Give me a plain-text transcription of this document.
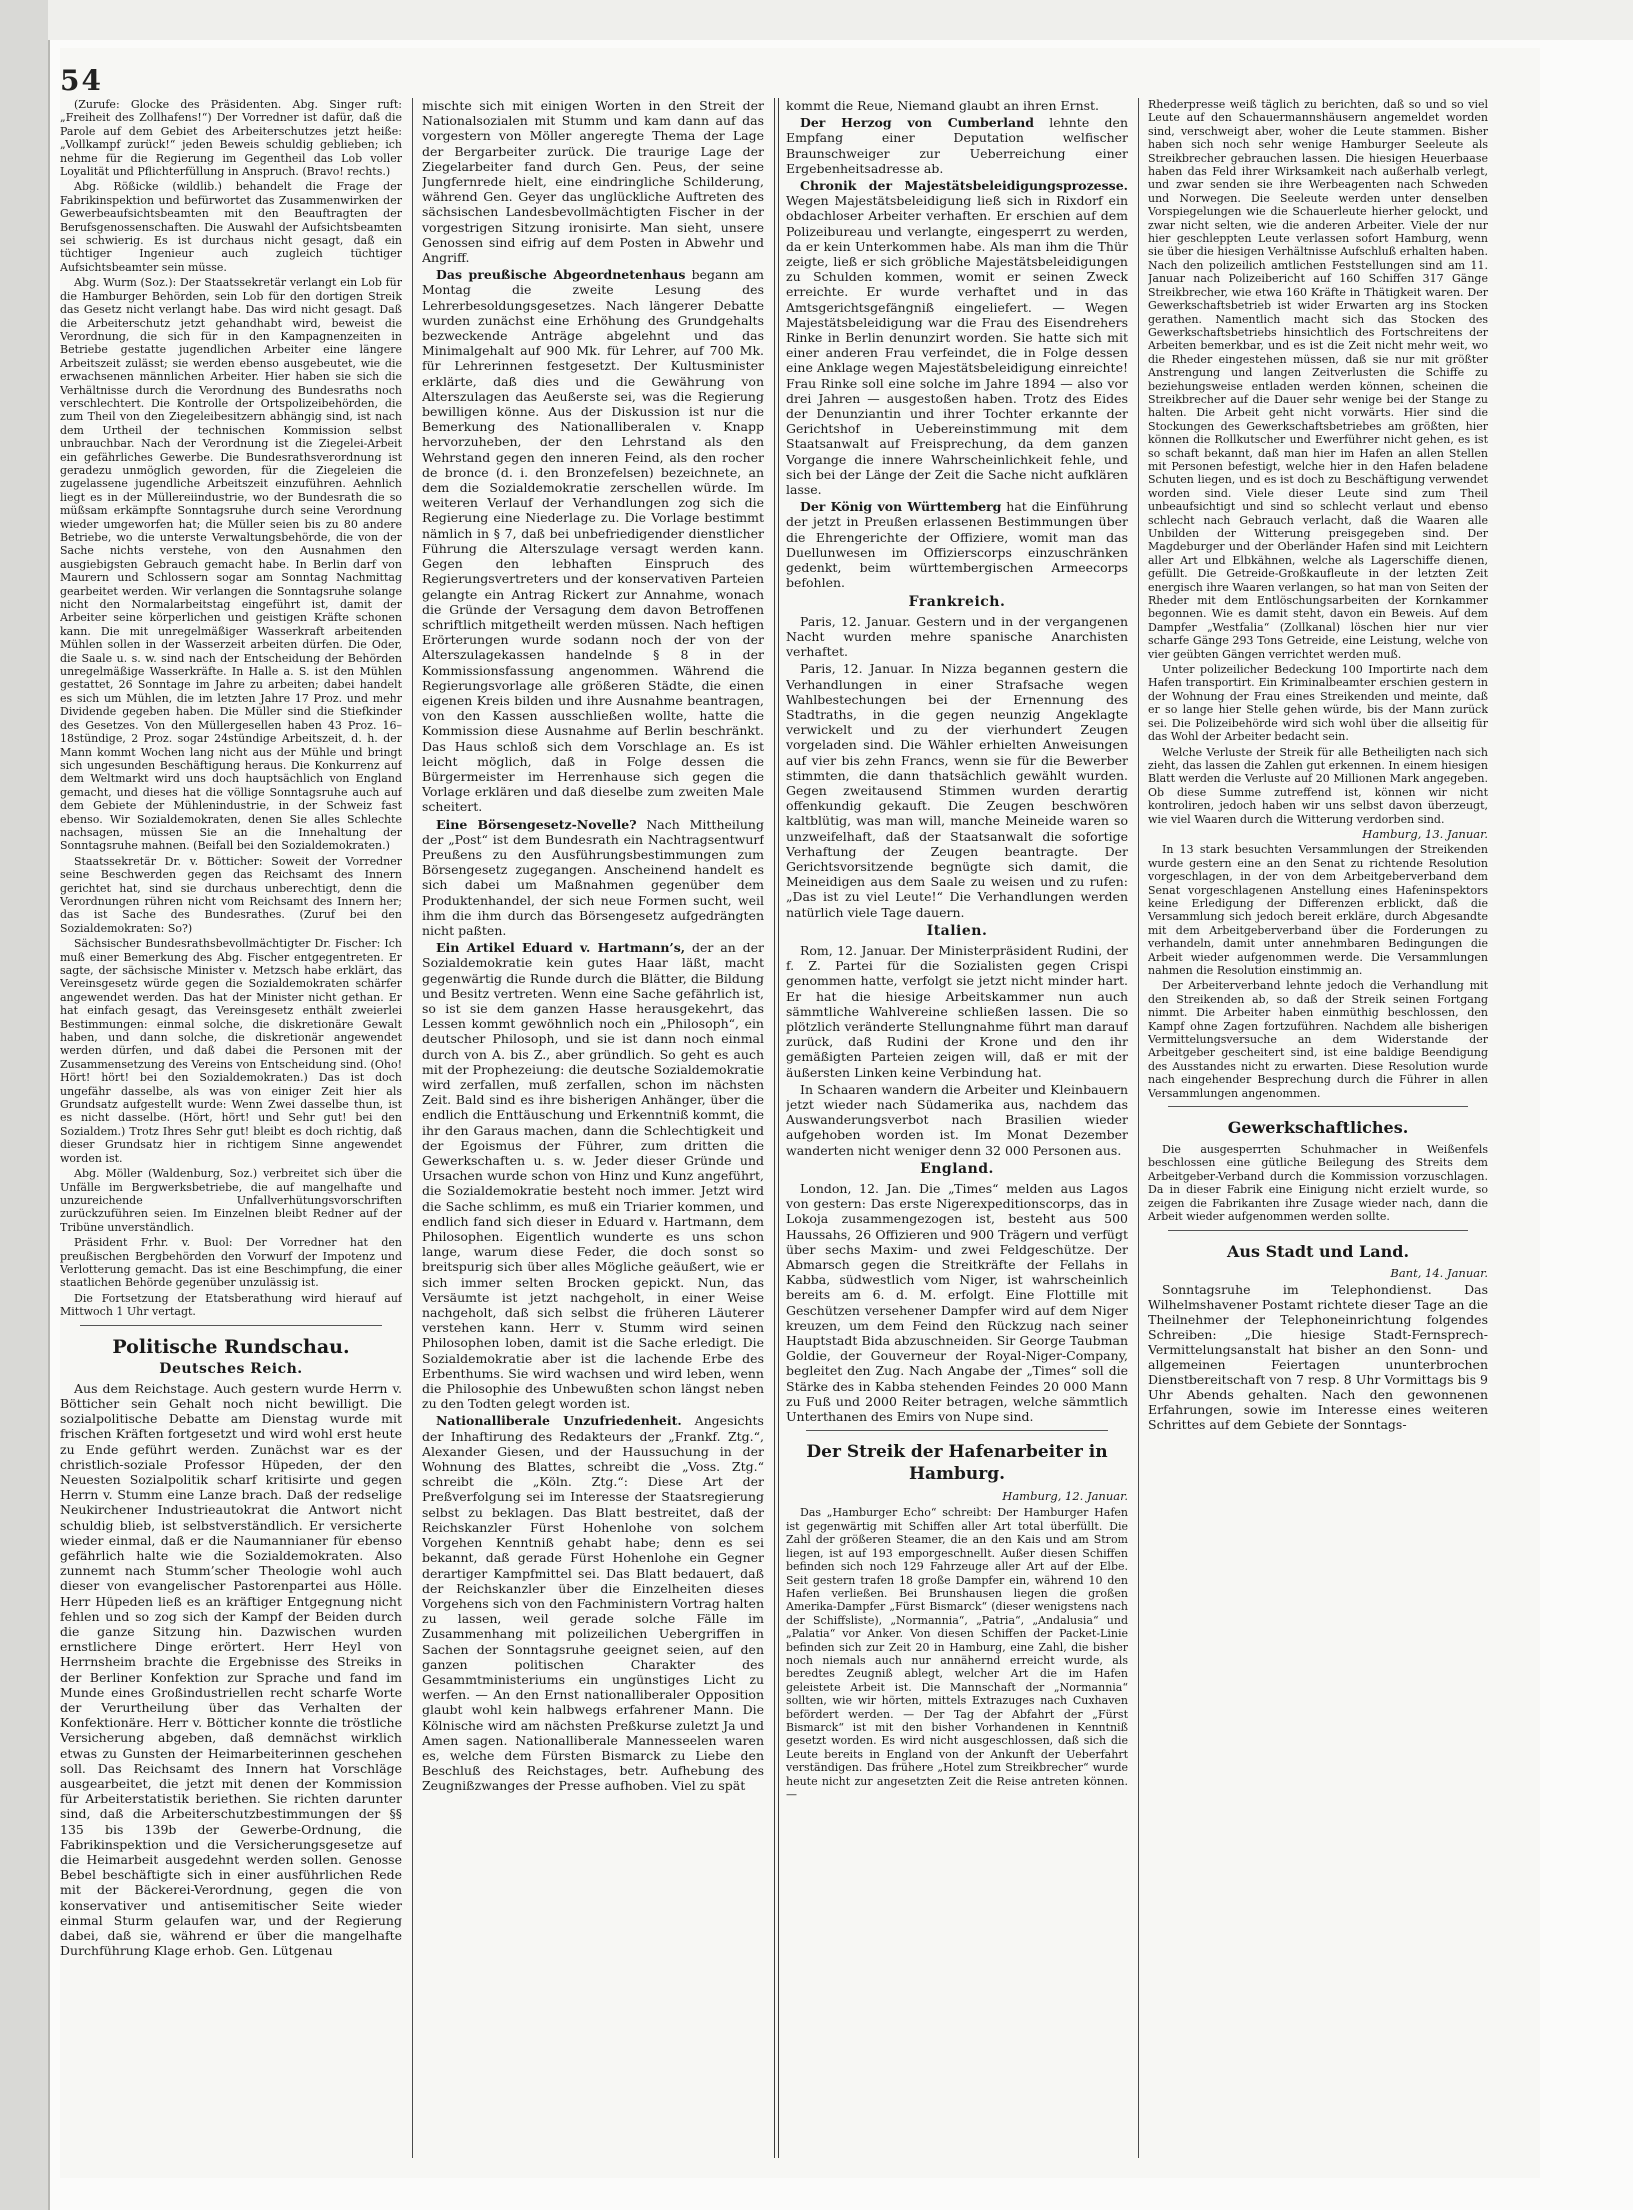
54

(Zurufe: Glocke des Präsidenten. Abg. Singer ruft: „Freiheit des Zollhafens!“) Der Vorredner ist dafür, daß die Parole auf dem Gebiet des Arbeiterschutzes jetzt heiße: „Vollkampf zurück!“ jeden Beweis schuldig geblieben; ich nehme für die Regierung im Gegentheil das Lob voller Loyalität und Pflichterfüllung in Anspruch. (Bravo! rechts.)

Abg. Rößicke (wildlib.) behandelt die Frage der Fabrikinspektion und befürwortet das Zusammenwirken der Gewerbeaufsichtsbeamten mit den Beauftragten der Berufsgenossenschaften. Die Auswahl der Aufsichtsbeamten sei schwierig. Es ist durchaus nicht gesagt, daß ein tüchtiger Ingenieur auch zugleich tüchtiger Aufsichtsbeamter sein müsse.

Abg. Wurm (Soz.): Der Staatssekretär verlangt ein Lob für die Hamburger Behörden, sein Lob für den dortigen Streik das Gesetz nicht verlangt habe. Das wird nicht gesagt. Daß die Arbeiterschutz jetzt gehandhabt wird, beweist die Verordnung, die sich für in den Kampagnenzeiten in Betriebe gestatte jugendlichen Arbeiter eine längere Arbeitszeit zulässt; sie werden ebenso ausgebeutet, wie die erwachsenen männlichen Arbeiter. Hier haben sie sich die Verhältnisse durch die Verordnung des Bundesraths noch verschlechtert. Die Kontrolle der Ortspolizeibehörden, die zum Theil von den Ziegeleibesitzern abhängig sind, ist nach dem Urtheil der technischen Kommission selbst unbrauchbar. Nach der Verordnung ist die Ziegelei-Arbeit ein gefährliches Gewerbe. Die Bundesrathsverordnung ist geradezu unmöglich geworden, für die Ziegeleien die zugelassene jugendliche Arbeitszeit einzuführen. Aehnlich liegt es in der Müllereiindustrie, wo der Bundesrath die so müßsam erkämpfte Sonntagsruhe durch seine Verordnung wieder umgeworfen hat; die Müller seien bis zu 80 andere Betriebe, wo die unterste Verwaltungsbehörde, die von der Sache nichts verstehe, von den Ausnahmen den ausgiebigsten Gebrauch gemacht habe. In Berlin darf von Maurern und Schlossern sogar am Sonntag Nachmittag gearbeitet werden. Wir verlangen die Sonntagsruhe solange nicht den Normalarbeitstag eingeführt ist, damit der Arbeiter seine körperlichen und geistigen Kräfte schonen kann. Die mit unregelmäßiger Wasserkraft arbeitenden Mühlen sollen in der Wasserzeit arbeiten dürfen. Die Oder, die Saale u. s. w. sind nach der Entscheidung der Behörden unregelmäßige Wasserkräfte. In Halle a. S. ist den Mühlen gestattet, 26 Sonntage im Jahre zu arbeiten; dabei handelt es sich um Mühlen, die im letzten Jahre 17 Proz. und mehr Dividende gegeben haben. Die Müller sind die Stiefkinder des Gesetzes. Von den Müllergesellen haben 43 Proz. 16–18stündige, 2 Proz. sogar 24stündige Arbeitszeit, d. h. der Mann kommt Wochen lang nicht aus der Mühle und bringt sich ungesunden Beschäftigung heraus. Die Konkurrenz auf dem Weltmarkt wird uns doch hauptsächlich von England gemacht, und dieses hat die völlige Sonntagsruhe auch auf dem Gebiete der Mühlenindustrie, in der Schweiz fast ebenso. Wir Sozialdemokraten, denen Sie alles Schlechte nachsagen, müssen Sie an die Innehaltung der Sonntagsruhe mahnen. (Beifall bei den Sozialdemokraten.)

Staatssekretär Dr. v. Bötticher: Soweit der Vorredner seine Beschwerden gegen das Reichsamt des Innern gerichtet hat, sind sie durchaus unberechtigt, denn die Verordnungen rühren nicht vom Reichsamt des Innern her; das ist Sache des Bundesrathes. (Zuruf bei den Sozialdemokraten: So?)

Sächsischer Bundesrathsbevollmächtigter Dr. Fischer: Ich muß einer Bemerkung des Abg. Fischer entgegentreten. Er sagte, der sächsische Minister v. Metzsch habe erklärt, das Vereinsgesetz würde gegen die Sozialdemokraten schärfer angewendet werden. Das hat der Minister nicht gethan. Er hat einfach gesagt, das Vereinsgesetz enthält zweierlei Bestimmungen: einmal solche, die diskretionäre Gewalt haben, und dann solche, die diskretionär angewendet werden dürfen, und daß dabei die Personen mit der Zusammensetzung des Vereins von Entscheidung sind. (Oho! Hört! hört! bei den Sozialdemokraten.) Das ist doch ungefähr dasselbe, als was von einiger Zeit hier als Grundsatz aufgestellt wurde: Wenn Zwei dasselbe thun, ist es nicht dasselbe. (Hört, hört! und Sehr gut! bei den Sozialdem.) Trotz Ihres Sehr gut! bleibt es doch richtig, daß dieser Grundsatz hier in richtigem Sinne angewendet worden ist.

Abg. Möller (Waldenburg, Soz.) verbreitet sich über die Unfälle im Bergwerksbetriebe, die auf mangelhafte und unzureichende Unfallverhütungsvorschriften zurückzuführen seien. Im Einzelnen bleibt Redner auf der Tribüne unverständlich.

Präsident Frhr. v. Buol: Der Vorredner hat den preußischen Bergbehörden den Vorwurf der Impotenz und Verlotterung gemacht. Das ist eine Beschimpfung, die einer staatlichen Behörde gegenüber unzulässig ist.

Die Fortsetzung der Etatsberathung wird hierauf auf Mittwoch 1 Uhr vertagt.

Politische Rundschau.
Deutsches Reich.

Aus dem Reichstage. Auch gestern wurde Herrn v. Bötticher sein Gehalt noch nicht bewilligt. Die sozialpolitische Debatte am Dienstag wurde mit frischen Kräften fortgesetzt und wird wohl erst heute zu Ende geführt werden. Zunächst war es der christlich-soziale Professor Hüpeden, der den Neuesten Sozialpolitik scharf kritisirte und gegen Herrn v. Stumm eine Lanze brach. Daß der redselige Neukirchener Industrieautokrat die Antwort nicht schuldig blieb, ist selbstverständlich. Er versicherte wieder einmal, daß er die Naumannianer für ebenso gefährlich halte wie die Sozialdemokraten. Also zunnemt nach Stumm’scher Theologie wohl auch dieser von evangelischer Pastorenpartei aus Hölle. Herr Hüpeden ließ es an kräftiger Entgegnung nicht fehlen und so zog sich der Kampf der Beiden durch die ganze Sitzung hin. Dazwischen wurden ernstlichere Dinge erörtert. Herr Heyl von Herrnsheim brachte die Ergebnisse des Streiks in der Berliner Konfektion zur Sprache und fand im Munde eines Großindustriellen recht scharfe Worte der Verurtheilung über das Verhalten der Konfektionäre. Herr v. Bötticher konnte die tröstliche Versicherung abgeben, daß demnächst wirklich etwas zu Gunsten der Heimarbeiterinnen geschehen soll. Das Reichsamt des Innern hat Vorschläge ausgearbeitet, die jetzt mit denen der Kommission für Arbeiterstatistik beriethen. Sie richten darunter sind, daß die Arbeiterschutzbestimmungen der §§ 135 bis 139b der Gewerbe-Ordnung, die Fabrikinspektion und die Versicherungsgesetze auf die Heimarbeit ausgedehnt werden sollen. Genosse Bebel beschäftigte sich in einer ausführlichen Rede mit der Bäckerei-Verordnung, gegen die von konservativer und antisemitischer Seite wieder einmal Sturm gelaufen war, und der Regierung dabei, daß sie, während er über die mangelhafte Durchführung Klage erhob. Gen. Lütgenau

mischte sich mit einigen Worten in den Streit der Nationalsozialen mit Stumm und kam dann auf das vorgestern von Möller angeregte Thema der Lage der Bergarbeiter zurück. Die traurige Lage der Ziegelarbeiter fand durch Gen. Peus, der seine Jungfernrede hielt, eine eindringliche Schilderung, während Gen. Geyer das unglückliche Auftreten des sächsischen Landesbevollmächtigten Fischer in der vorgestrigen Sitzung ironisirte. Man sieht, unsere Genossen sind eifrig auf dem Posten in Abwehr und Angriff.

Das preußische Abgeordnetenhaus begann am Montag die zweite Lesung des Lehrerbesoldungsgesetzes. Nach längerer Debatte wurden zunächst eine Erhöhung des Grundgehalts bezweckende Anträge abgelehnt und das Minimalgehalt auf 900 Mk. für Lehrer, auf 700 Mk. für Lehrerinnen festgesetzt. Der Kultusminister erklärte, daß dies und die Gewährung von Alterszulagen das Aeußerste sei, was die Regierung bewilligen könne. Aus der Diskussion ist nur die Bemerkung des Nationalliberalen v. Knapp hervorzuheben, der den Lehrstand als den Wehrstand gegen den inneren Feind, als den rocher de bronce (d. i. den Bronzefelsen) bezeichnete, an dem die Sozialdemokratie zerschellen würde. Im weiteren Verlauf der Verhandlungen zog sich die Regierung eine Niederlage zu. Die Vorlage bestimmt nämlich in § 7, daß bei unbefriedigender dienstlicher Führung die Alterszulage versagt werden kann. Gegen den lebhaften Einspruch des Regierungsvertreters und der konservativen Parteien gelangte ein Antrag Rickert zur Annahme, wonach die Gründe der Versagung dem davon Betroffenen schriftlich mitgetheilt werden müssen. Nach heftigen Erörterungen wurde sodann noch der von der Alterszulagekassen handelnde § 8 in der Kommissionsfassung angenommen. Während die Regierungsvorlage alle größeren Städte, die einen eigenen Kreis bilden und ihre Ausnahme beantragen, von den Kassen ausschließen wollte, hatte die Kommission diese Ausnahme auf Berlin beschränkt. Das Haus schloß sich dem Vorschlage an. Es ist leicht möglich, daß in Folge dessen die Bürgermeister im Herrenhause sich gegen die Vorlage erklären und daß dieselbe zum zweiten Male scheitert.

Eine Börsengesetz-Novelle? Nach Mittheilung der „Post“ ist dem Bundesrath ein Nachtragsentwurf Preußens zu den Ausführungsbestimmungen zum Börsengesetz zugegangen. Anscheinend handelt es sich dabei um Maßnahmen gegenüber dem Produktenhandel, der sich neue Formen sucht, weil ihm die ihm durch das Börsengesetz aufgedrängten nicht paßten.

Ein Artikel Eduard v. Hartmann’s, der an der Sozialdemokratie kein gutes Haar läßt, macht gegenwärtig die Runde durch die Blätter, die Bildung und Besitz vertreten. Wenn eine Sache gefährlich ist, so ist sie dem ganzen Hasse herausgekehrt, das Lessen kommt gewöhnlich noch ein „Philosoph“, ein deutscher Philosoph, und sie ist dann noch einmal durch von A. bis Z., aber gründlich. So geht es auch mit der Prophezeiung: die deutsche Sozialdemokratie wird zerfallen, muß zerfallen, schon im nächsten Zeit. Bald sind es ihre bisherigen Anhänger, über die endlich die Enttäuschung und Erkenntniß kommt, die ihr den Garaus machen, dann die Schlechtigkeit und der Egoismus der Führer, zum dritten die Gewerkschaften u. s. w. Jeder dieser Gründe und Ursachen wurde schon von Hinz und Kunz angeführt, die Sozialdemokratie besteht noch immer. Jetzt wird die Sache schlimm, es muß ein Triarier kommen, und endlich fand sich dieser in Eduard v. Hartmann, dem Philosophen. Eigentlich wunderte es uns schon lange, warum diese Feder, die doch sonst so breitspurig sich über alles Mögliche geäußert, wie er sich immer selten Brocken gepickt. Nun, das Versäumte ist jetzt nachgeholt, in einer Weise nachgeholt, daß sich selbst die früheren Läuterer verstehen kann. Herr v. Stumm wird seinen Philosophen loben, damit ist die Sache erledigt. Die Sozialdemokratie aber ist die lachende Erbe des Erbenthums. Sie wird wachsen und wird leben, wenn die Philosophie des Unbewußten schon längst neben zu den Todten gelegt worden ist.

Nationalliberale Unzufriedenheit. Angesichts der Inhaftirung des Redakteurs der „Frankf. Ztg.“, Alexander Giesen, und der Haussuchung in der Wohnung des Blattes, schreibt die „Voss. Ztg.“ schreibt die „Köln. Ztg.“: Diese Art der Preßverfolgung sei im Interesse der Staatsregierung selbst zu beklagen. Das Blatt bestreitet, daß der Reichskanzler Fürst Hohenlohe von solchem Vorgehen Kenntniß gehabt habe; denn es sei bekannt, daß gerade Fürst Hohenlohe ein Gegner derartiger Kampfmittel sei. Das Blatt bedauert, daß der Reichskanzler über die Einzelheiten dieses Vorgehens sich von den Fachministern Vortrag halten zu lassen, weil gerade solche Fälle im Zusammenhang mit polizeilichen Uebergriffen in Sachen der Sonntagsruhe geeignet seien, auf den ganzen politischen Charakter des Gesammtministeriums ein ungünstiges Licht zu werfen. — An den Ernst nationalliberaler Opposition glaubt wohl kein halbwegs erfahrener Mann. Die Kölnische wird am nächsten Preßkurse zuletzt Ja und Amen sagen. Nationalliberale Mannesseelen waren es, welche dem Fürsten Bismarck zu Liebe den Beschluß des Reichstages, betr. Aufhebung des Zeugnißzwanges der Presse aufhoben. Viel zu spät

kommt die Reue, Niemand glaubt an ihren Ernst.

Der Herzog von Cumberland lehnte den Empfang einer Deputation welfischer Braunschweiger zur Ueberreichung einer Ergebenheitsadresse ab.

Chronik der Majestätsbeleidigungsprozesse. Wegen Majestätsbeleidigung ließ sich in Rixdorf ein obdachloser Arbeiter verhaften. Er erschien auf dem Polizeibureau und verlangte, eingesperrt zu werden, da er kein Unterkommen habe. Als man ihm die Thür zeigte, ließ er sich gröbliche Majestätsbeleidigungen zu Schulden kommen, womit er seinen Zweck erreichte. Er wurde verhaftet und in das Amtsgerichtsgefängniß eingeliefert. — Wegen Majestätsbeleidigung war die Frau des Eisendrehers Rinke in Berlin denunzirt worden. Sie hatte sich mit einer anderen Frau verfeindet, die in Folge dessen eine Anklage wegen Majestätsbeleidigung einreichte! Frau Rinke soll eine solche im Jahre 1894 — also vor drei Jahren — ausgestoßen haben. Trotz des Eides der Denunziantin und ihrer Tochter erkannte der Gerichtshof in Uebereinstimmung mit dem Staatsanwalt auf Freisprechung, da dem ganzen Vorgange die innere Wahrscheinlichkeit fehle, und sich bei der Länge der Zeit die Sache nicht aufklären lasse.

Der König von Württemberg hat die Einführung der jetzt in Preußen erlassenen Bestimmungen über die Ehrengerichte der Offiziere, womit man das Duellunwesen im Offizierscorps einzuschränken gedenkt, beim württembergischen Armeecorps befohlen.

Frankreich.

Paris, 12. Januar. Gestern und in der vergangenen Nacht wurden mehre spanische Anarchisten verhaftet.

Paris, 12. Januar. In Nizza begannen gestern die Verhandlungen in einer Strafsache wegen Wahlbestechungen bei der Ernennung des Stadtraths, in die gegen neunzig Angeklagte verwickelt und zu der vierhundert Zeugen vorgeladen sind. Die Wähler erhielten Anweisungen auf vier bis zehn Francs, wenn sie für die Bewerber stimmten, die dann thatsächlich gewählt wurden. Gegen zweitausend Stimmen wurden derartig offenkundig gekauft. Die Zeugen beschwören kaltblütig, was man will, manche Meineide waren so unzweifelhaft, daß der Staatsanwalt die sofortige Verhaftung der Zeugen beantragte. Der Gerichtsvorsitzende begnügte sich damit, die Meineidigen aus dem Saale zu weisen und zu rufen: „Das ist zu viel Leute!“ Die Verhandlungen werden natürlich viele Tage dauern.

Italien.

Rom, 12. Januar. Der Ministerpräsident Rudini, der f. Z. Partei für die Sozialisten gegen Crispi genommen hatte, verfolgt sie jetzt nicht minder hart. Er hat die hiesige Arbeitskammer nun auch sämmtliche Wahlvereine schließen lassen. Die so plötzlich veränderte Stellungnahme führt man darauf zurück, daß Rudini der Krone und den ihr gemäßigten Parteien zeigen will, daß er mit der äußersten Linken keine Verbindung hat.

In Schaaren wandern die Arbeiter und Kleinbauern jetzt wieder nach Südamerika aus, nachdem das Auswanderungsverbot nach Brasilien wieder aufgehoben worden ist. Im Monat Dezember wanderten nicht weniger denn 32 000 Personen aus.

England.

London, 12. Jan. Die „Times“ melden aus Lagos von gestern: Das erste Nigerexpeditionscorps, das in Lokoja zusammengezogen ist, besteht aus 500 Haussahs, 26 Offizieren und 900 Trägern und verfügt über sechs Maxim- und zwei Feldgeschütze. Der Abmarsch gegen die Streitkräfte der Fellahs in Kabba, südwestlich vom Niger, ist wahrscheinlich bereits am 6. d. M. erfolgt. Eine Flottille mit Geschützen versehener Dampfer wird auf dem Niger kreuzen, um dem Feind den Rückzug nach seiner Hauptstadt Bida abzuschneiden. Sir George Taubman Goldie, der Gouverneur der Royal-Niger-Company, begleitet den Zug. Nach Angabe der „Times“ soll die Stärke des in Kabba stehenden Feindes 20 000 Mann zu Fuß und 2000 Reiter betragen, welche sämmtlich Unterthanen des Emirs von Nupe sind.

Der Streik der Hafenarbeiter in Hamburg.
Hamburg, 12. Januar.

Das „Hamburger Echo“ schreibt: Der Hamburger Hafen ist gegenwärtig mit Schiffen aller Art total überfüllt. Die Zahl der größeren Steamer, die an den Kais und am Strom liegen, ist auf 193 emporgeschnellt. Außer diesen Schiffen befinden sich noch 129 Fahrzeuge aller Art auf der Elbe. Seit gestern trafen 18 große Dampfer ein, während 10 den Hafen verließen. Bei Brunshausen liegen die großen Amerika-Dampfer „Fürst Bismarck“ (dieser wenigstens nach der Schiffsliste), „Normannia“, „Patria“, „Andalusia“ und „Palatia“ vor Anker. Von diesen Schiffen der Packet-Linie befinden sich zur Zeit 20 in Hamburg, eine Zahl, die bisher noch niemals auch nur annähernd erreicht wurde, als beredtes Zeugniß ablegt, welcher Art die im Hafen geleistete Arbeit ist. Die Mannschaft der „Normannia“ sollten, wie wir hörten, mittels Extrazuges nach Cuxhaven befördert werden. — Der Tag der Abfahrt der „Fürst Bismarck“ ist mit den bisher Vorhandenen in Kenntniß gesetzt worden. Es wird nicht ausgeschlossen, daß sich die Leute bereits in England von der Ankunft der Ueberfahrt verständigen. Das frühere „Hotel zum Streikbrecher“ wurde heute nicht zur angesetzten Zeit die Reise antreten können. —

Rhederpresse weiß täglich zu berichten, daß so und so viel Leute auf den Schauermannshäusern angemeldet worden sind, verschweigt aber, woher die Leute stammen. Bisher haben sich noch sehr wenige Hamburger Seeleute als Streikbrecher gebrauchen lassen. Die hiesigen Heuerbaase haben das Feld ihrer Wirksamkeit nach außerhalb verlegt, und zwar senden sie ihre Werbeagenten nach Schweden und Norwegen. Die Seeleute werden unter denselben Vorspiegelungen wie die Schauerleute hierher gelockt, und zwar nicht selten, wie die anderen Arbeiter. Viele der nur hier geschleppten Leute verlassen sofort Hamburg, wenn sie über die hiesigen Verhältnisse Aufschluß erhalten haben. Nach den polizeilich amtlichen Feststellungen sind am 11. Januar nach Polizeibericht auf 160 Schiffen 317 Gänge Streikbrecher, wie etwa 160 Kräfte in Thätigkeit waren. Der Gewerkschaftsbetrieb ist wider Erwarten arg ins Stocken gerathen. Namentlich macht sich das Stocken des Gewerkschaftsbetriebs hinsichtlich des Fortschreitens der Arbeiten bemerkbar, und es ist die Zeit nicht mehr weit, wo die Rheder eingestehen müssen, daß sie nur mit größter Anstrengung und langen Zeitverlusten die Schiffe zu beziehungsweise entladen werden können, scheinen die Streikbrecher auf die Dauer sehr wenige bei der Stange zu halten. Die Arbeit geht nicht vorwärts. Hier sind die Stockungen des Gewerkschaftsbetriebes am größten, hier können die Rollkutscher und Ewerführer nicht gehen, es ist so schaft bekannt, daß man hier im Hafen an allen Stellen mit Personen befestigt, welche hier in den Hafen beladene Schuten liegen, und es ist doch zu Beschäftigung verwendet worden sind. Viele dieser Leute sind zum Theil unbeaufsichtigt und sind so schlecht verlaut und ebenso schlecht nach Gebrauch verlacht, daß die Waaren alle Unbilden der Witterung preisgegeben sind. Der Magdeburger und der Oberländer Hafen sind mit Leichtern aller Art und Elbkähnen, welche als Lagerschiffe dienen, gefüllt. Die Getreide-Großkaufleute in der letzten Zeit energisch ihre Waaren verlangen, so hat man von Seiten der Rheder mit dem Entlöschungsarbeiten der Kornkammer begonnen. Wie es damit steht, davon ein Beweis. Auf dem Dampfer „Westfalia“ (Zollkanal) löschen hier nur vier scharfe Gänge 293 Tons Getreide, eine Leistung, welche von vier geübten Gängen verrichtet werden muß.

Unter polizeilicher Bedeckung 100 Importirte nach dem Hafen transportirt. Ein Kriminalbeamter erschien gestern in der Wohnung der Frau eines Streikenden und meinte, daß er so lange hier Stelle gehen würde, bis der Mann zurück sei. Die Polizeibehörde wird sich wohl über die allseitig für das Wohl der Arbeiter bedacht sein.

Welche Verluste der Streik für alle Betheiligten nach sich zieht, das lassen die Zahlen gut erkennen. In einem hiesigen Blatt werden die Verluste auf 20 Millionen Mark angegeben. Ob diese Summe zutreffend ist, können wir nicht kontroliren, jedoch haben wir uns selbst davon überzeugt, wie viel Waaren durch die Witterung verdorben sind.

Hamburg, 13. Januar.

In 13 stark besuchten Versammlungen der Streikenden wurde gestern eine an den Senat zu richtende Resolution vorgeschlagen, in der von dem Arbeitgeberverband dem Senat vorgeschlagenen Anstellung eines Hafeninspektors keine Erledigung der Differenzen erblickt, daß die Versammlung sich jedoch bereit erkläre, durch Abgesandte mit dem Arbeitgeberverband über die Forderungen zu verhandeln, damit unter annehmbaren Bedingungen die Arbeit wieder aufgenommen werde. Die Versammlungen nahmen die Resolution einstimmig an.

Der Arbeiterverband lehnte jedoch die Verhandlung mit den Streikenden ab, so daß der Streik seinen Fortgang nimmt. Die Arbeiter haben einmüthig beschlossen, den Kampf ohne Zagen fortzuführen. Nachdem alle bisherigen Vermittelungsversuche an dem Widerstande der Arbeitgeber gescheitert sind, ist eine baldige Beendigung des Ausstandes nicht zu erwarten. Diese Resolution wurde nach eingehender Besprechung durch die Führer in allen Versammlungen angenommen.

Gewerkschaftliches.

Die ausgesperrten Schuhmacher in Weißenfels beschlossen eine gütliche Beilegung des Streits dem Arbeitgeber-Verband durch die Kommission vorzuschlagen. Da in dieser Fabrik eine Einigung nicht erzielt wurde, so zeigen die Fabrikanten ihre Zusage wieder nach, dann die Arbeit wieder aufgenommen werden sollte.

Aus Stadt und Land.
Bant, 14. Januar.

Sonntagsruhe im Telephondienst. Das Wilhelmshavener Postamt richtete dieser Tage an die Theilnehmer der Telephoneinrichtung folgendes Schreiben: „Die hiesige Stadt-Fernsprech-Vermittelungsanstalt hat bisher an den Sonn- und allgemeinen Feiertagen ununterbrochen Dienstbereitschaft von 7 resp. 8 Uhr Vormittags bis 9 Uhr Abends gehalten. Nach den gewonnenen Erfahrungen, sowie im Interesse eines weiteren Schrittes auf dem Gebiete der Sonntags-
